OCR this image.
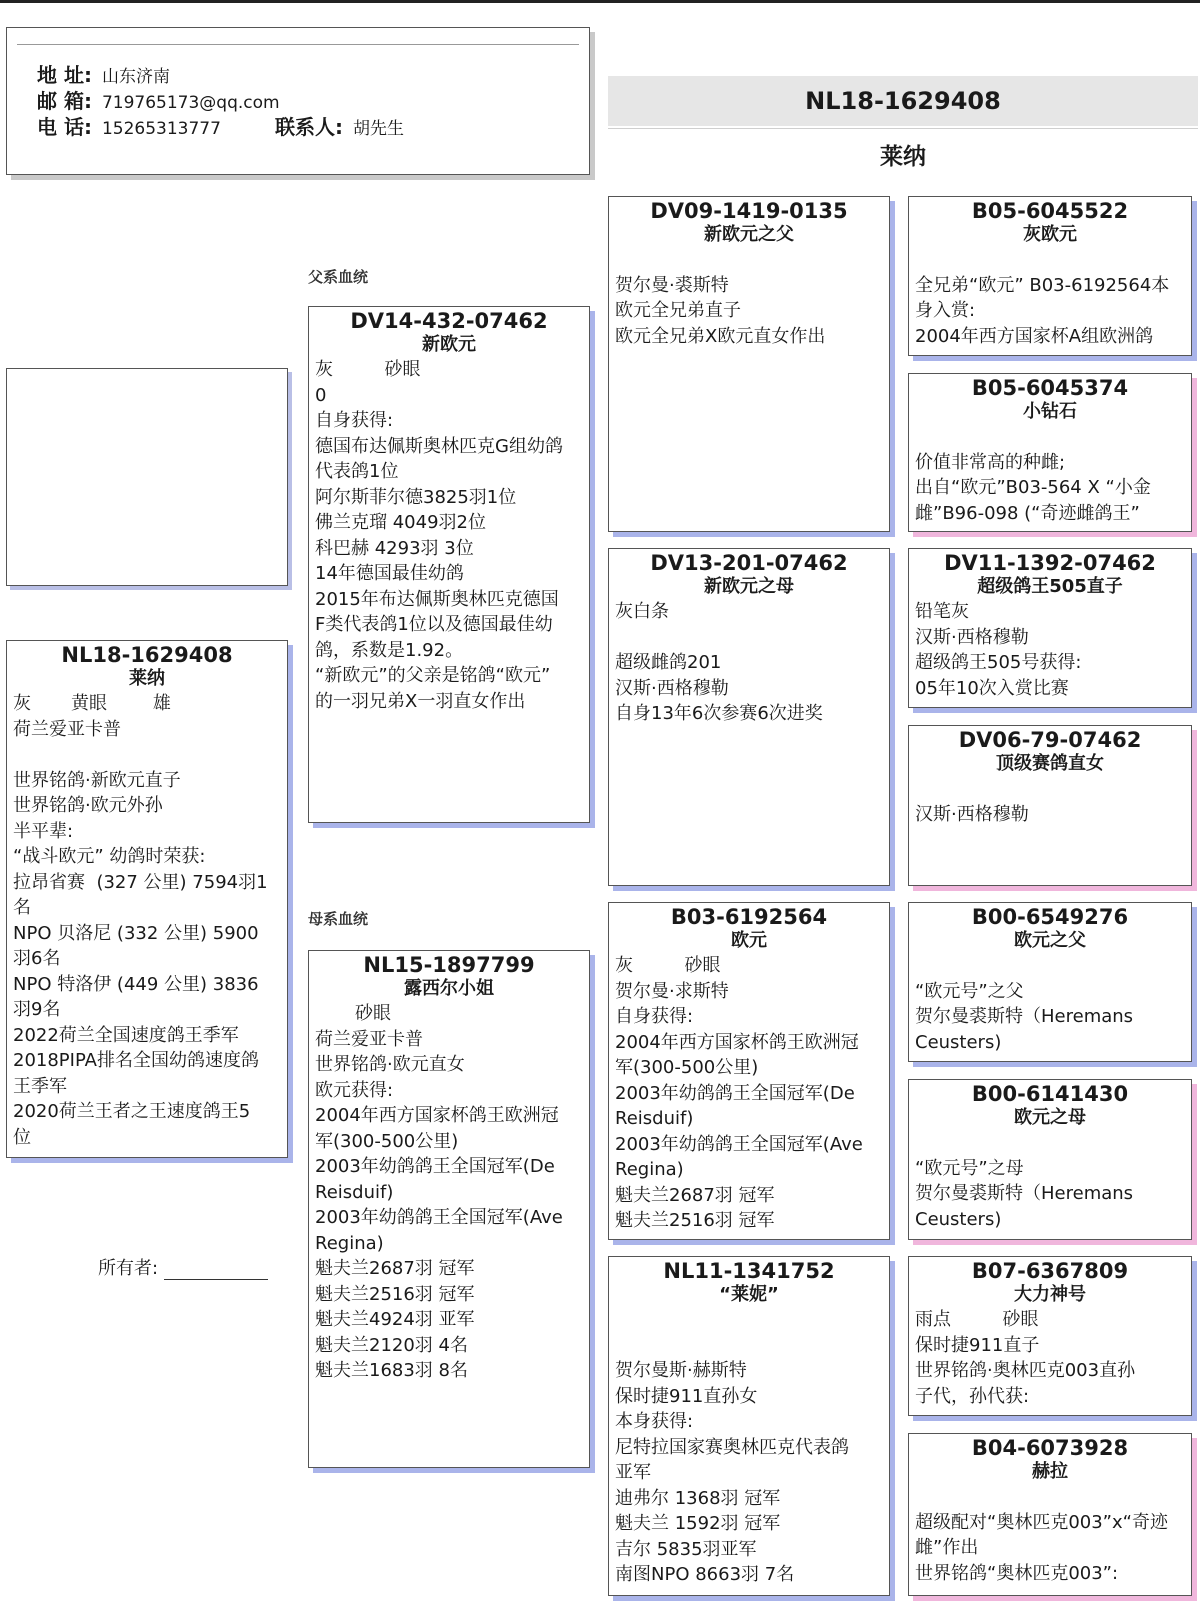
地 址: 山东济南
邮 箱: 719765173@qq.com
电 话: 15265313777	联系人: 胡先生
NL18-1629408
莱纳
父系血统
母系血统
NL18-1629408
莱纳
灰       黄眼        雄
荷兰爱亚卡普

世界铭鸽·新欧元直子
世界铭鸽·欧元外孙
半平辈:
“战斗欧元” 幼鸽时荣获:
拉昂省赛  (327 公里) 7594羽1
名
NPO 贝洛尼 (332 公里) 5900
羽6名
NPO 特洛伊 (449 公里) 3836
羽9名
2022荷兰全国速度鸽王季军
2018PIPA排名全国幼鸽速度鸽
王季军
2020荷兰王者之王速度鸽王5
位
DV14-432-07462
新欧元
灰         砂眼
0
自身获得:
德国布达佩斯奥林匹克G组幼鸽
代表鸽1位
阿尔斯菲尔德3825羽1位
佛兰克瑠 4049羽2位
科巴赫 4293羽 3位
14年德国最佳幼鸽
2015年布达佩斯奥林匹克德国
F类代表鸽1位以及德国最佳幼
鸽，系数是1.92。
“新欧元”的父亲是铭鸽“欧元”
的一羽兄弟X一羽直女作出
NL15-1897799
露西尔小姐
砂眼
荷兰爱亚卡普
世界铭鸽·欧元直女
欧元获得:
2004年西方国家杯鸽王欧洲冠
军(300-500公里)
2003年幼鸽鸽王全国冠军(De
Reisduif)
2003年幼鸽鸽王全国冠军(Ave
Regina)
魁夫兰2687羽 冠军
魁夫兰2516羽 冠军
魁夫兰4924羽 亚军
魁夫兰2120羽 4名
魁夫兰1683羽 8名
DV09-1419-0135
新欧元之父

贺尔曼·裘斯特
欧元全兄弟直子
欧元全兄弟X欧元直女作出
DV13-201-07462
新欧元之母
灰白条

超级雌鸽201
汉斯·西格穆勒
自身13年6次参赛6次进奖
B03-6192564
欧元
灰         砂眼
贺尔曼·求斯特
自身获得:
2004年西方国家杯鸽王欧洲冠
军(300-500公里)
2003年幼鸽鸽王全国冠军(De
Reisduif)
2003年幼鸽鸽王全国冠军(Ave
Regina)
魁夫兰2687羽 冠军
魁夫兰2516羽 冠军
NL11-1341752
“莱妮”

贺尔曼斯·赫斯特
保时捷911直孙女
本身获得:
尼特拉国家赛奥林匹克代表鸽
亚军
迪弗尔 1368羽 冠军
魁夫兰 1592羽 冠军
吉尔 5835羽亚军
南图NPO 8663羽 7名
B05-6045522
灰欧元

全兄弟“欧元” B03-6192564本
身入赏:
2004年西方国家杯A组欧洲鸽
B05-6045374
小钻石

价值非常高的种雌;
出自“欧元”B03-564 X “小金
雌”B96-098 (“奇迹雌鸽王”
DV11-1392-07462
超级鸽王505直子
铅笔灰
汉斯·西格穆勒
超级鸽王505号获得:
05年10次入赏比赛
DV06-79-07462
顶级赛鸽直女

汉斯·西格穆勒
B00-6549276
欧元之父

“欧元号”之父
贺尔曼裘斯特（Heremans
Ceusters)
B00-6141430
欧元之母

“欧元号”之母
贺尔曼裘斯特（Heremans
Ceusters)
B07-6367809
大力神号
雨点         砂眼
保时捷911直子
世界铭鸽·奥林匹克003直孙
子代，孙代获:
B04-6073928
赫拉

超级配对“奥林匹克003”x“奇迹
雌”作出
世界铭鸽“奥林匹克003”:
所有者:
